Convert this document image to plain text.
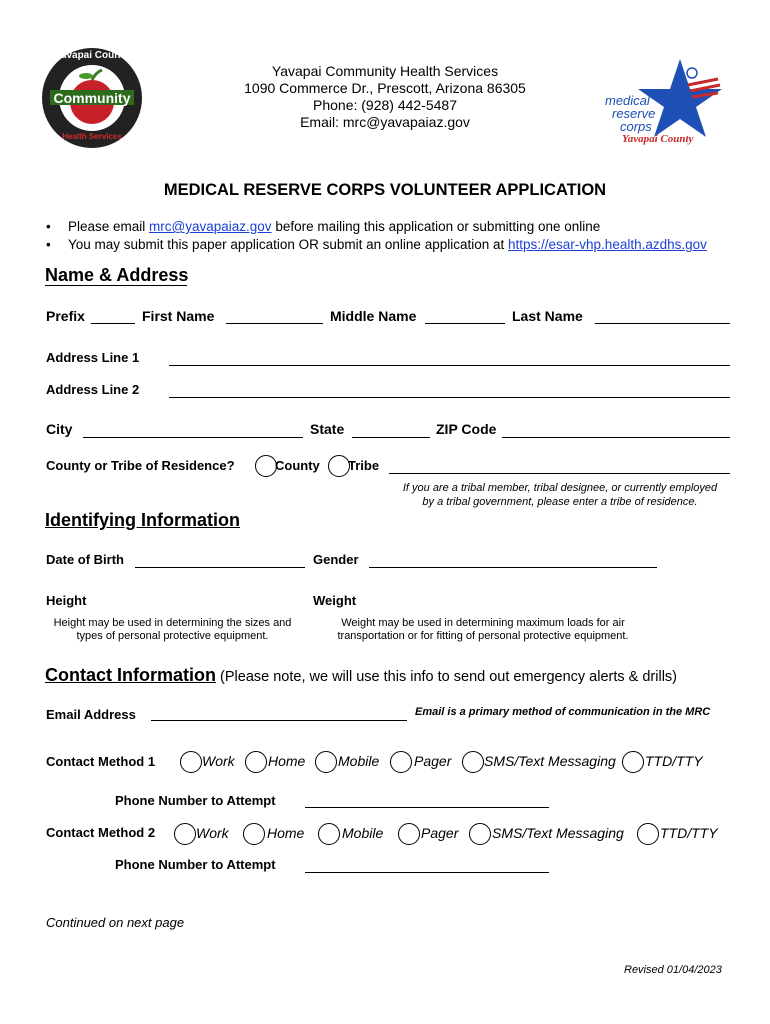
Yavapai County
Community
Health Services
Yavapai Community Health Services
1090 Commerce Dr., Prescott, Arizona 86305
Phone: (928) 442-5487
Email: mrc@yavapaiaz.gov
medical
reserve
corps
Yavapai County
MEDICAL RESERVE CORPS VOLUNTEER APPLICATION
• Please email mrc@yavapaiaz.gov before mailing this application or submitting one online
• You may submit this paper application OR submit an online application at https://esar-vhp.health.azdhs.gov
Name & Address
Prefix	First Name	Middle Name	Last Name
Address Line 1
Address Line 2
City	State	ZIP Code
County or Tribe of Residence?	County Tribe
If you are a tribal member, tribal designee, or currently employed
by a tribal government, please enter a tribe of residence.
Identifying Information
Date of Birth	Gender
Height	Weight
Height may be used in determining the sizes and
types of personal protective equipment.
Weight may be used in determining maximum loads for air
transportation or for fitting of personal protective equipment.
Contact Information (Please note, we will use this info to send out emergency alerts & drills)
Email Address	Email is a primary method of communication in the MRC
Contact Method 1	Work Home Mobile Pager SMS/Text Messaging TTD/TTY
Phone Number to Attempt
Contact Method 2	Work	Home	Mobile	Pager SMS/Text Messaging	TTD/TTY
Phone Number to Attempt
Continued on next page
Revised 01/04/2023
